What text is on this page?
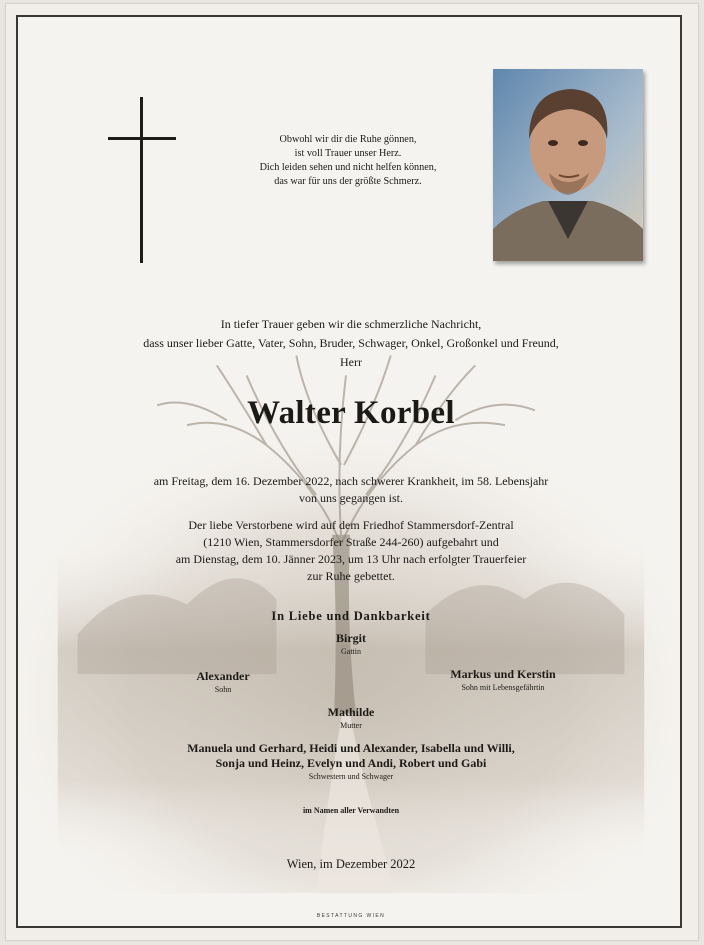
Obwohl wir dir die Ruhe gönnen,
ist voll Trauer unser Herz.
Dich leiden sehen und nicht helfen können,
das war für uns der größte Schmerz.
In tiefer Trauer geben wir die schmerzliche Nachricht,
dass unser lieber Gatte, Vater, Sohn, Bruder, Schwager, Onkel, Großonkel und Freund,
Herr
Walter Korbel

am Freitag, dem 16. Dezember 2022, nach schwerer Krankheit, im 58. Lebensjahr
von uns gegangen ist.

Der liebe Verstorbene wird auf dem Friedhof Stammersdorf-Zentral
(1210 Wien, Stammersdorfer Straße 244-260) aufgebahrt und
am Dienstag, dem 10. Jänner 2023, um 13 Uhr nach erfolgter Trauerfeier
zur Ruhe gebettet.

In Liebe und Dankbarkeit
Birgit
Gattin
Alexander
Sohn
Markus und Kerstin
Sohn mit Lebensgefährtin
Mathilde
Mutter
Manuela und Gerhard, Heidi und Alexander, Isabella und Willi,
Sonja und Heinz, Evelyn und Andi, Robert und Gabi
Schwestern und Schwager
im Namen aller Verwandten
Wien, im Dezember 2022
BESTATTUNG WIEN
